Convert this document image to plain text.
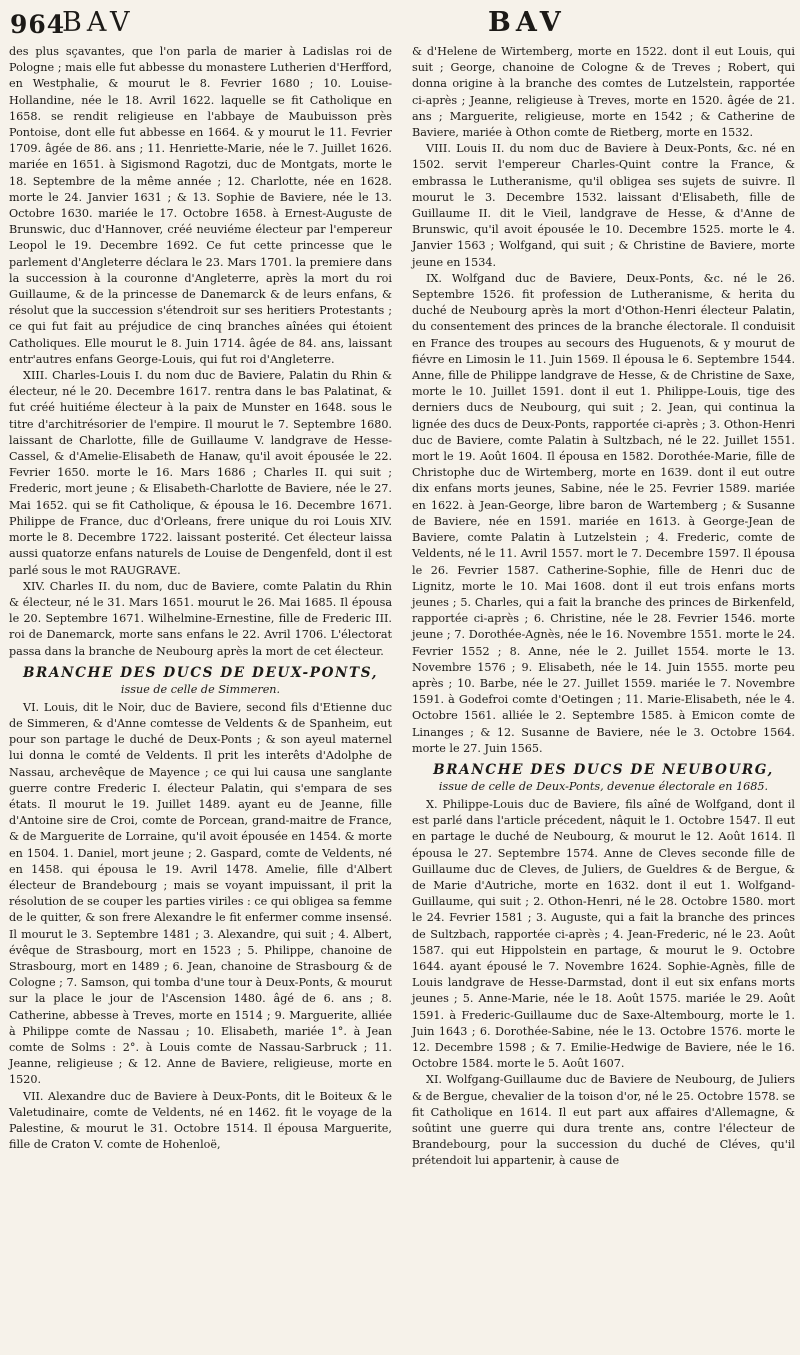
964
BAV	BAV

des plus sçavantes, que l'on parla de marier à Ladislas roi de Pologne ; mais elle fut abbesse du monastere Lutherien d'Herfford, en Westphalie, & mourut le 8. Fevrier 1680 ; 10. Louise-Hollandine, née le 18. Avril 1622. laquelle se fit Catholique en 1658. se rendit religieuse en l'abbaye de Maubuisson près Pontoise, dont elle fut abbesse en 1664. & y mourut le 11. Fevrier 1709. âgée de 86. ans ; 11. Henriette-Marie, née le 7. Juillet 1626. mariée en 1651. à Sigismond Ragotzi, duc de Montgats, morte le 18. Septembre de la même année ; 12. Charlotte, née en 1628. morte le 24. Janvier 1631 ; & 13. Sophie de Baviere, née le 13. Octobre 1630. mariée le 17. Octobre 1658. à Ernest-Auguste de Brunswic, duc d'Hannover, créé neuviéme électeur par l'empereur Leopol le 19. Decembre 1692. Ce fut cette princesse que le parlement d'Angleterre déclara le 23. Mars 1701. la premiere dans la succession à la couronne d'Angleterre, après la mort du roi Guillaume, & de la princesse de Danemarck & de leurs enfans, & résolut que la succession s'étendroit sur ses heritiers Protestants ; ce qui fut fait au préjudice de cinq branches aînées qui étoient Catholiques. Elle mourut le 8. Juin 1714. âgée de 84. ans, laissant entr'autres enfans George-Louis, qui fut roi d'Angleterre.

XIII. Charles-Louis I. du nom duc de Baviere, Palatin du Rhin & électeur, né le 20. Decembre 1617. rentra dans le bas Palatinat, & fut créé huitiéme électeur à la paix de Munster en 1648. sous le titre d'architrésorier de l'empire. Il mourut le 7. Septembre 1680. laissant de Charlotte, fille de Guillaume V. landgrave de Hesse-Cassel, & d'Amelie-Elisabeth de Hanaw, qu'il avoit épousée le 22. Fevrier 1650. morte le 16. Mars 1686 ; Charles II. qui suit ; Frederic, mort jeune ; & Elisabeth-Charlotte de Baviere, née le 27. Mai 1652. qui se fit Catholique, & épousa le 16. Decembre 1671. Philippe de France, duc d'Orleans, frere unique du roi Louis XIV. morte le 8. Decembre 1722. laissant posterité. Cet électeur laissa aussi quatorze enfans naturels de Louise de Dengenfeld, dont il est parlé sous le mot RAUGRAVE.

XIV. Charles II. du nom, duc de Baviere, comte Palatin du Rhin & électeur, né le 31. Mars 1651. mourut le 26. Mai 1685. Il épousa le 20. Septembre 1671. Wilhelmine-Ernestine, fille de Frederic III. roi de Danemarck, morte sans enfans le 22. Avril 1706. L'électorat passa dans la branche de Neubourg après la mort de cet électeur.

BRANCHE DES DUCS DE DEUX-PONTS,
issue de celle de Simmeren.

VI. Louis, dit le Noir, duc de Baviere, second fils d'Etienne duc de Simmeren, & d'Anne comtesse de Veldents & de Spanheim, eut pour son partage le duché de Deux-Ponts ; & son ayeul maternel lui donna le comté de Veldents. Il prit les interêts d'Adolphe de Nassau, archevêque de Mayence ; ce qui lui causa une sanglante guerre contre Frederic I. électeur Palatin, qui s'empara de ses états. Il mourut le 19. Juillet 1489. ayant eu de Jeanne, fille d'Antoine sire de Croi, comte de Porcean, grand-maitre de France, & de Marguerite de Lorraine, qu'il avoit épousée en 1454. & morte en 1504. 1. Daniel, mort jeune ; 2. Gaspard, comte de Veldents, né en 1458. qui épousa le 19. Avril 1478. Amelie, fille d'Albert électeur de Brandebourg ; mais se voyant impuissant, il prit la résolution de se couper les parties viriles : ce qui obligea sa femme de le quitter, & son frere Alexandre le fit enfermer comme insensé. Il mourut le 3. Septembre 1481 ; 3. Alexandre, qui suit ; 4. Albert, évêque de Strasbourg, mort en 1523 ; 5. Philippe, chanoine de Strasbourg, mort en 1489 ; 6. Jean, chanoine de Strasbourg & de Cologne ; 7. Samson, qui tomba d'une tour à Deux-Ponts, & mourut sur la place le jour de l'Ascension 1480. âgé de 6. ans ; 8. Catherine, abbesse à Treves, morte en 1514 ; 9. Marguerite, alliée à Philippe comte de Nassau ; 10. Elisabeth, mariée 1°. à Jean comte de Solms : 2°. à Louis comte de Nassau-Sarbruck ; 11. Jeanne, religieuse ; & 12. Anne de Baviere, religieuse, morte en 1520.

VII. Alexandre duc de Baviere à Deux-Ponts, dit le Boiteux & le Valetudinaire, comte de Veldents, né en 1462. fit le voyage de la Palestine, & mourut le 31. Octobre 1514. Il épousa Marguerite, fille de Craton V. comte de Hohenloë,

& d'Helene de Wirtemberg, morte en 1522. dont il eut Louis, qui suit ; George, chanoine de Cologne & de Treves ; Robert, qui donna origine à la branche des comtes de Lutzelstein, rapportée ci-après ; Jeanne, religieuse à Treves, morte en 1520. âgée de 21. ans ; Marguerite, religieuse, morte en 1542 ; & Catherine de Baviere, mariée à Othon comte de Rietberg, morte en 1532.

VIII. Louis II. du nom duc de Baviere à Deux-Ponts, &c. né en 1502. servit l'empereur Charles-Quint contre la France, & embrassa le Lutheranisme, qu'il obligea ses sujets de suivre. Il mourut le 3. Decembre 1532. laissant d'Elisabeth, fille de Guillaume II. dit le Vieil, landgrave de Hesse, & d'Anne de Brunswic, qu'il avoit épousée le 10. Decembre 1525. morte le 4. Janvier 1563 ; Wolfgand, qui suit ; & Christine de Baviere, morte jeune en 1534.

IX. Wolfgand duc de Baviere, Deux-Ponts, &c. né le 26. Septembre 1526. fit profession de Lutheranisme, & herita du duché de Neubourg après la mort d'Othon-Henri électeur Palatin, du consentement des princes de la branche électorale. Il conduisit en France des troupes au secours des Huguenots, & y mourut de fiévre en Limosin le 11. Juin 1569. Il épousa le 6. Septembre 1544. Anne, fille de Philippe landgrave de Hesse, & de Christine de Saxe, morte le 10. Juillet 1591. dont il eut 1. Philippe-Louis, tige des derniers ducs de Neubourg, qui suit ; 2. Jean, qui continua la lignée des ducs de Deux-Ponts, rapportée ci-après ; 3. Othon-Henri duc de Baviere, comte Palatin à Sultzbach, né le 22. Juillet 1551. mort le 19. Août 1604. Il épousa en 1582. Dorothée-Marie, fille de Christophe duc de Wirtemberg, morte en 1639. dont il eut outre dix enfans morts jeunes, Sabine, née le 25. Fevrier 1589. mariée en 1622. à Jean-George, libre baron de Wartemberg ; & Susanne de Baviere, née en 1591. mariée en 1613. à George-Jean de Baviere, comte Palatin à Lutzelstein ; 4. Frederic, comte de Veldents, né le 11. Avril 1557. mort le 7. Decembre 1597. Il épousa le 26. Fevrier 1587. Catherine-Sophie, fille de Henri duc de Lignitz, morte le 10. Mai 1608. dont il eut trois enfans morts jeunes ; 5. Charles, qui a fait la branche des princes de Birkenfeld, rapportée ci-après ; 6. Christine, née le 28. Fevrier 1546. morte jeune ; 7. Dorothée-Agnès, née le 16. Novembre 1551. morte le 24. Fevrier 1552 ; 8. Anne, née le 2. Juillet 1554. morte le 13. Novembre 1576 ; 9. Elisabeth, née le 14. Juin 1555. morte peu après ; 10. Barbe, née le 27. Juillet 1559. mariée le 7. Novembre 1591. à Godefroi comte d'Oetingen ; 11. Marie-Elisabeth, née le 4. Octobre 1561. alliée le 2. Septembre 1585. à Emicon comte de Linanges ; & 12. Susanne de Baviere, née le 3. Octobre 1564. morte le 27. Juin 1565.

BRANCHE DES DUCS DE NEUBOURG,
issue de celle de Deux-Ponts, devenue électorale en 1685.

X. Philippe-Louis duc de Baviere, fils aîné de Wolfgand, dont il est parlé dans l'article précedent, nâquit le 1. Octobre 1547. Il eut en partage le duché de Neubourg, & mourut le 12. Août 1614. Il épousa le 27. Septembre 1574. Anne de Cleves seconde fille de Guillaume duc de Cleves, de Juliers, de Gueldres & de Bergue, & de Marie d'Autriche, morte en 1632. dont il eut 1. Wolfgand-Guillaume, qui suit ; 2. Othon-Henri, né le 28. Octobre 1580. mort le 24. Fevrier 1581 ; 3. Auguste, qui a fait la branche des princes de Sultzbach, rapportée ci-après ; 4. Jean-Frederic, né le 23. Août 1587. qui eut Hippolstein en partage, & mourut le 9. Octobre 1644. ayant épousé le 7. Novembre 1624. Sophie-Agnès, fille de Louis landgrave de Hesse-Darmstad, dont il eut six enfans morts jeunes ; 5. Anne-Marie, née le 18. Août 1575. mariée le 29. Août 1591. à Frederic-Guillaume duc de Saxe-Altembourg, morte le 1. Juin 1643 ; 6. Dorothée-Sabine, née le 13. Octobre 1576. morte le 12. Decembre 1598 ; & 7. Emilie-Hedwige de Baviere, née le 16. Octobre 1584. morte le 5. Août 1607.

XI. Wolfgang-Guillaume duc de Baviere de Neubourg, de Juliers & de Bergue, chevalier de la toison d'or, né le 25. Octobre 1578. se fit Catholique en 1614. Il eut part aux affaires d'Allemagne, & soûtint une guerre qui dura trente ans, contre l'électeur de Brandebourg, pour la succession du duché de Cléves, qu'il prétendoit lui appartenir, à cause de
